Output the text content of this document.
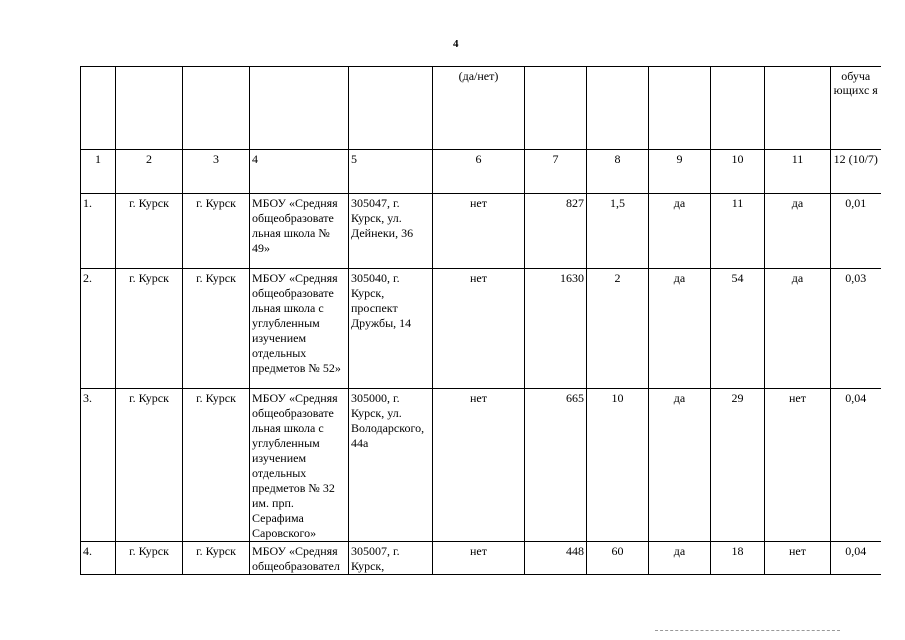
4
					(да/нет)						обуча ющихс я
1	2	3	4	5	6	7	8	9	10	11	12 (10/7)
1.	г. Курск	г. Курск	МБОУ «Средняя общеобразовате льная школа № 49»	305047, г. Курск, ул. Дейнеки, 36	нет	827	1,5	да	11	да	0,01
2.	г. Курск	г. Курск	МБОУ «Средняя общеобразовате льная школа с углубленным изучением отдельных предметов № 52»	305040, г. Курск, проспект Дружбы, 14	нет	1630	2	да	54	да	0,03
3.	г. Курск	г. Курск	МБОУ «Средняя общеобразовате льная школа с углубленным изучением отдельных предметов № 32 им. прп. Серафима Саровского»	305000, г. Курск, ул. Володарского, 44а	нет	665	10	да	29	нет	0,04
4.	г. Курск	г. Курск	МБОУ «Средняя общеобразовател	305007, г. Курск,	нет	448	60	да	18	нет	0,04
